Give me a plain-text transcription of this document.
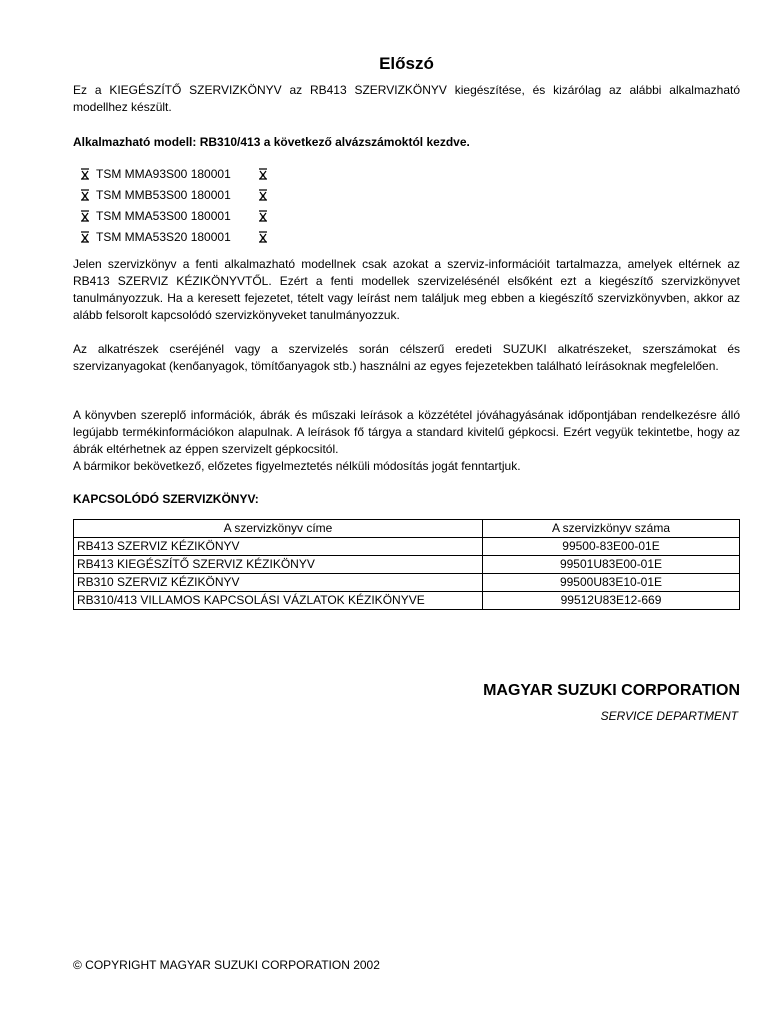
Előszó

Ez a KIEGÉSZÍTŐ SZERVIZKÖNYV az RB413 SZERVIZKÖNYV kiegészítése, és kizárólag az alábbi alkalmazható modellhez készült.

Alkalmazható modell: RB310/413 a következő alvázszámoktól kezdve.

TSM MMA93S00 180001
TSM MMB53S00 180001
TSM MMA53S00 180001
TSM MMA53S20 180001

Jelen szervizkönyv a fenti alkalmazható modellnek csak azokat a szerviz-információit tartalmazza, amelyek eltérnek az RB413 SZERVIZ KÉZIKÖNYVTŐL. Ezért a fenti modellek szervizelésénél elsőként ezt a kiegészítő szervizkönyvet tanulmányozzuk. Ha a keresett fejezetet, tételt vagy leírást nem találjuk meg ebben a kiegészítő szervizkönyvben, akkor az alább felsorolt kapcsolódó szervizkönyveket tanulmányozzuk.

Az alkatrészek cseréjénél vagy a szervizelés során célszerű eredeti SUZUKI alkatrészeket, szerszámokat és szervizanyagokat (kenőanyagok, tömítőanyagok stb.) használni az egyes fejezetekben található leírásoknak megfelelően.

A könyvben szereplő információk, ábrák és műszaki leírások a közzététel jóváhagyásának időpontjában rendelkezésre álló legújabb termékinformációkon alapulnak. A leírások fő tárgya a standard kivitelű gépkocsi. Ezért vegyük tekintetbe, hogy az ábrák eltérhetnek az éppen szervizelt gépkocsitól.

A bármikor bekövetkező, előzetes figyelmeztetés nélküli módosítás jogát fenntartjuk.

KAPCSOLÓDÓ SZERVIZKÖNYV:

A szervizkönyv címe	A szervizkönyv száma
RB413 SZERVIZ KÉZIKÖNYV	99500-83E00-01E
RB413 KIEGÉSZÍTŐ SZERVIZ KÉZIKÖNYV	99501U83E00-01E
RB310 SZERVIZ KÉZIKÖNYV	99500U83E10-01E
RB310/413 VILLAMOS KAPCSOLÁSI VÁZLATOK KÉZIKÖNYVE	99512U83E12-669

MAGYAR SUZUKI CORPORATION

SERVICE DEPARTMENT

© COPYRIGHT MAGYAR SUZUKI CORPORATION 2002
